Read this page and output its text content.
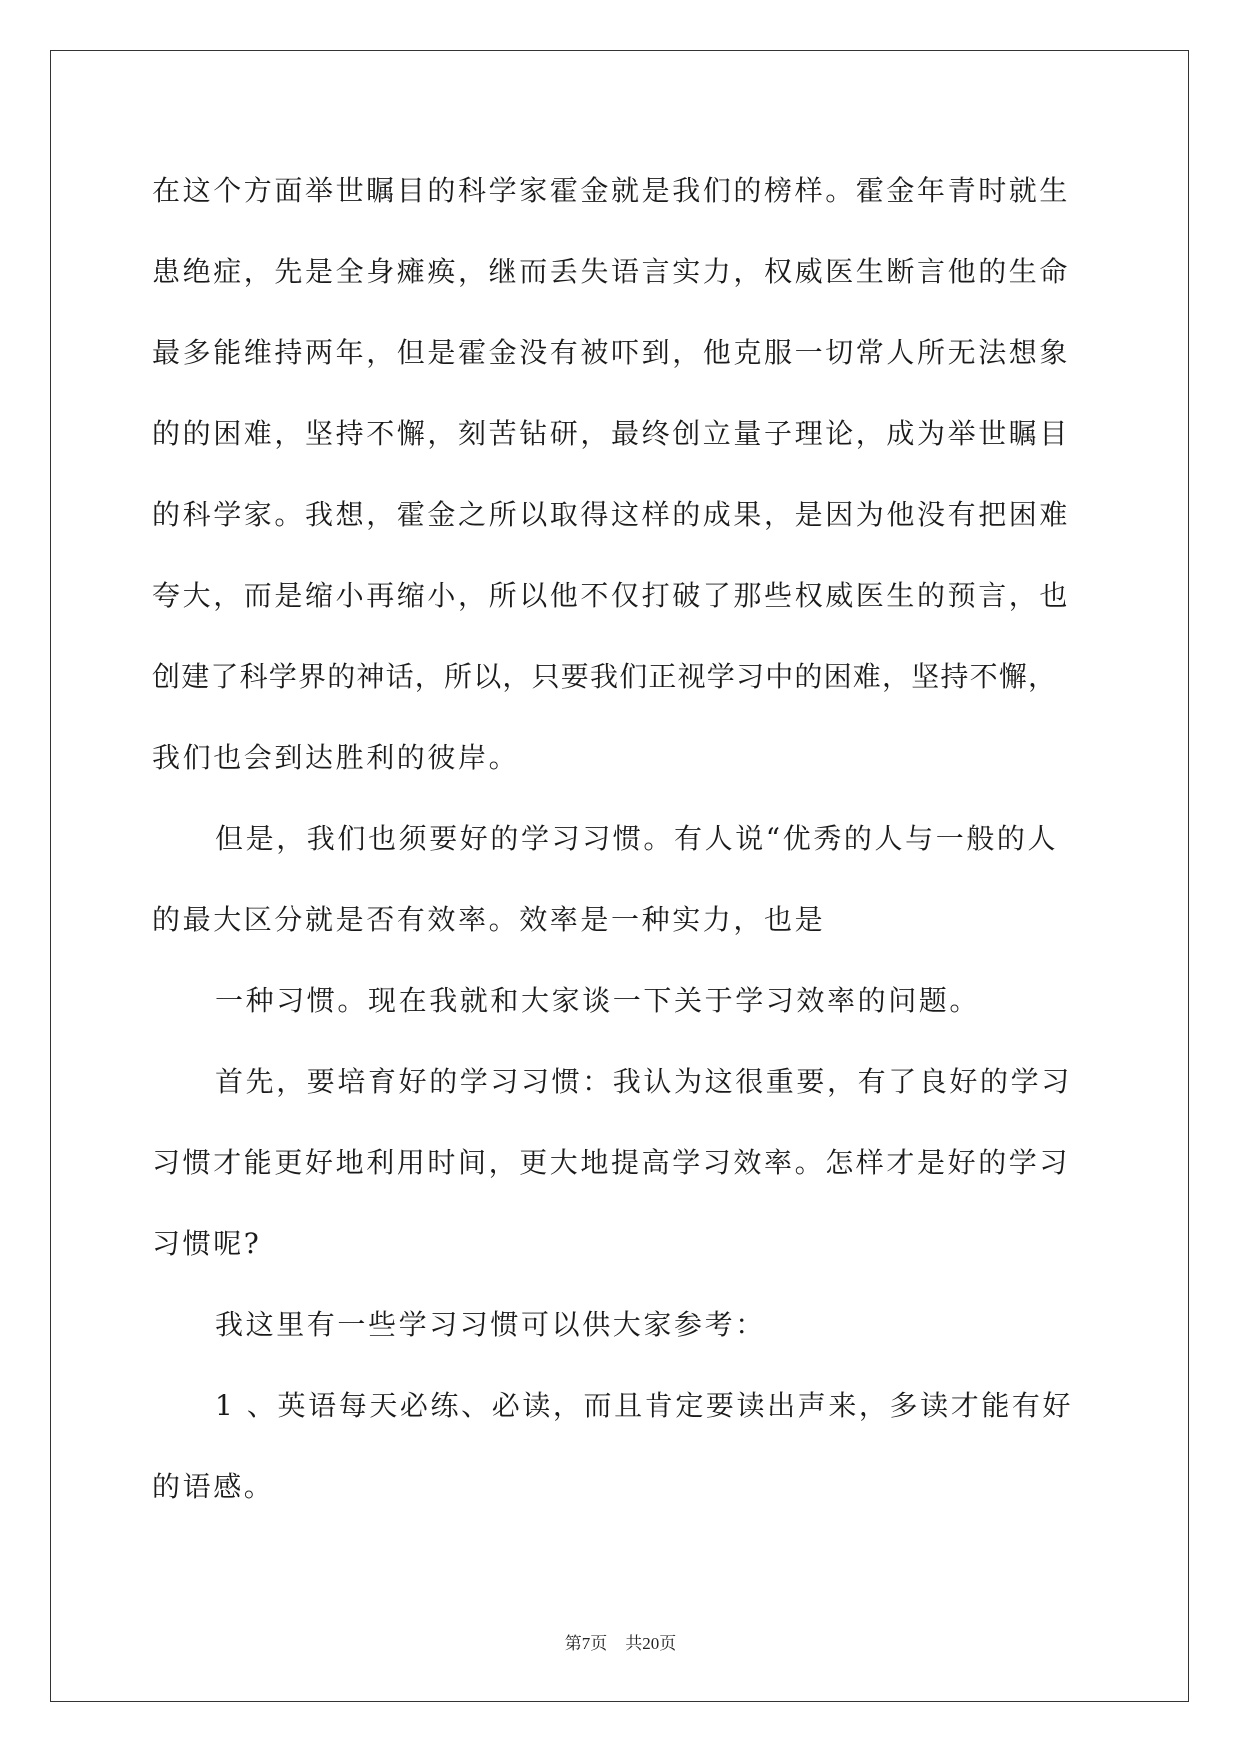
在这个方面举世瞩目的科学家霍金就是我们的榜样。霍金年青时就生
患绝症，先是全身瘫痪，继而丢失语言实力，权威医生断言他的生命
最多能维持两年，但是霍金没有被吓到，他克服一切常人所无法想象
的的困难，坚持不懈，刻苦钻研，最终创立量子理论，成为举世瞩目
的科学家。我想，霍金之所以取得这样的成果，是因为他没有把困难
夸大，而是缩小再缩小，所以他不仅打破了那些权威医生的预言，也
创建了科学界的神话，所以，只要我们正视学习中的困难，坚持不懈，
我们也会到达胜利的彼岸。
但是，我们也须要好的学习习惯。有人说“优秀的人与一般的人
的最大区分就是否有效率。效率是一种实力，也是
一种习惯。现在我就和大家谈一下关于学习效率的问题。
首先，要培育好的学习习惯：我认为这很重要，有了良好的学习
习惯才能更好地利用时间，更大地提高学习效率。怎样才是好的学习
习惯呢?
我这里有一些学习习惯可以供大家参考：
1 、英语每天必练、必读，而且肯定要读出声来，多读才能有好
的语感。
第7页 共20页
